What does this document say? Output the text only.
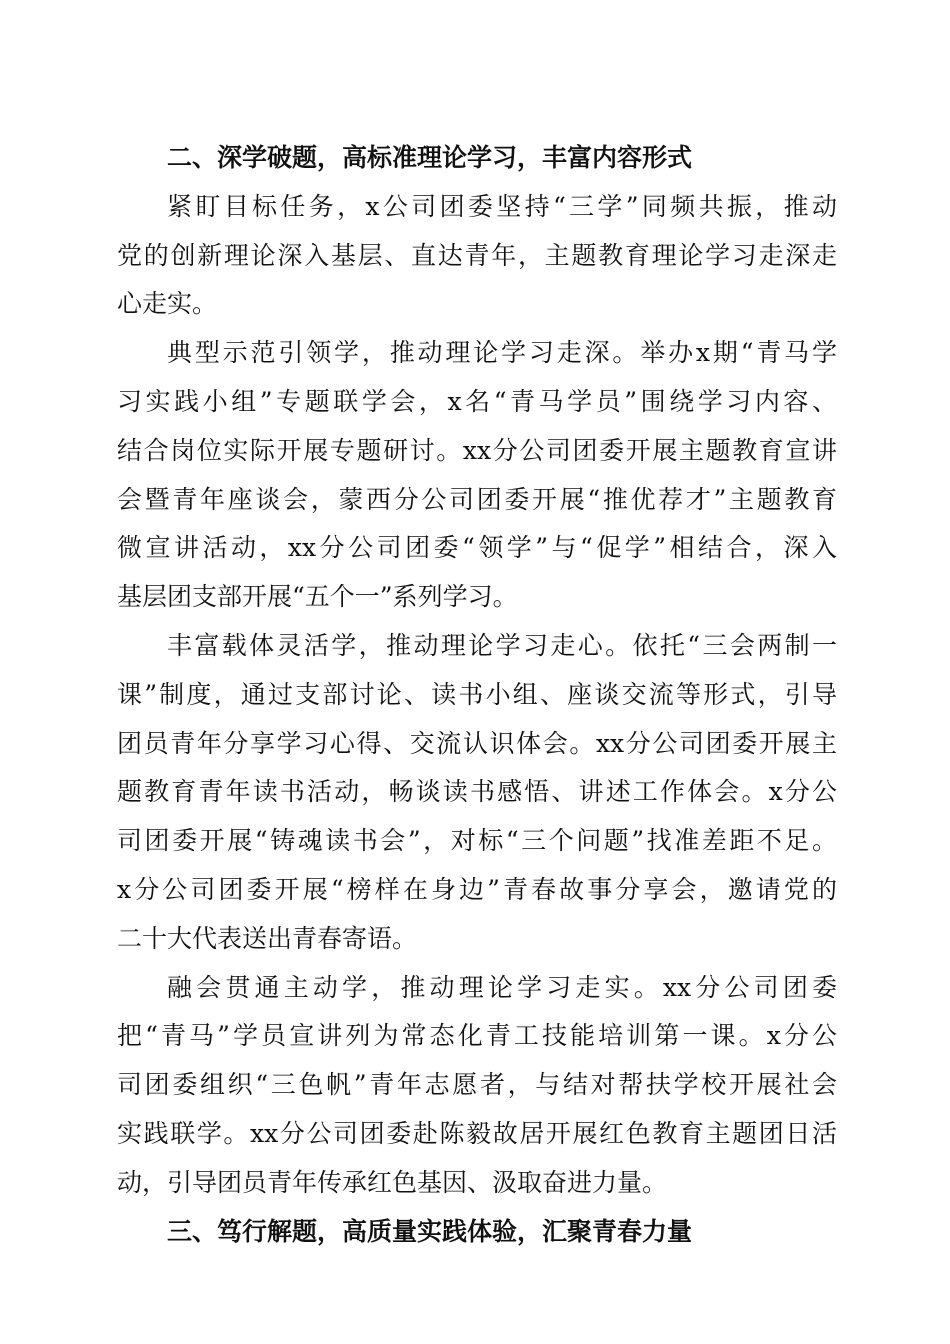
二、深学破题，高标准理论学习，丰富内容形式

紧盯目标任务，x公司团委坚持“三学”同频共振，推动
党的创新理论深入基层、直达青年，主题教育理论学习走深走
心走实。

典型示范引领学，推动理论学习走深。举办x期“青马学
习实践小组”专题联学会，x名“青马学员”围绕学习内容、
结合岗位实际开展专题研讨。xx分公司团委开展主题教育宣讲
会暨青年座谈会，蒙西分公司团委开展“推优荐才”主题教育
微宣讲活动，xx分公司团委“领学”与“促学”相结合，深入
基层团支部开展“五个一”系列学习。

丰富载体灵活学，推动理论学习走心。依托“三会两制一
课”制度，通过支部讨论、读书小组、座谈交流等形式，引导
团员青年分享学习心得、交流认识体会。xx分公司团委开展主
题教育青年读书活动，畅谈读书感悟、讲述工作体会。x分公
司团委开展“铸魂读书会”，对标“三个问题”找准差距不足。
x分公司团委开展“榜样在身边”青春故事分享会，邀请党的
二十大代表送出青春寄语。

融会贯通主动学，推动理论学习走实。xx分公司团委
把“青马”学员宣讲列为常态化青工技能培训第一课。x分公
司团委组织“三色帆”青年志愿者，与结对帮扶学校开展社会
实践联学。xx分公司团委赴陈毅故居开展红色教育主题团日活
动，引导团员青年传承红色基因、汲取奋进力量。

三、笃行解题，高质量实践体验，汇聚青春力量
